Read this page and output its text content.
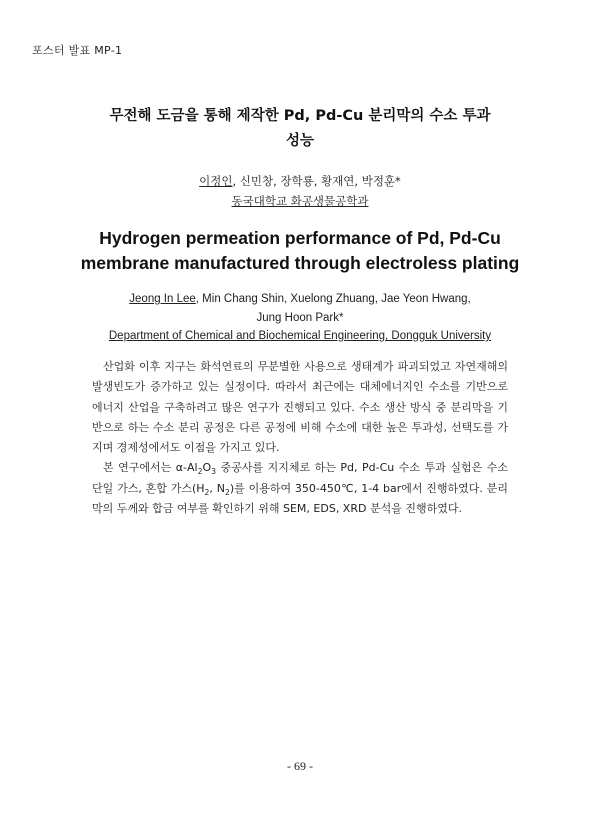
포스터 발표 MP-1
무전해 도금을 통해 제작한 Pd, Pd-Cu 분리막의 수소 투과
성능
이정인, 신민창, 장학룡, 황재연, 박정훈*
동국대학교 화공생물공학과
Hydrogen permeation performance of Pd, Pd-Cu
membrane manufactured through electroless plating
Jeong In Lee, Min Chang Shin, Xuelong Zhuang, Jae Yeon Hwang,
Jung Hoon Park*
Department of Chemical and Biochemical Engineering, Dongguk University

산업화 이후 지구는 화석연료의 무분별한 사용으로 생태계가 파괴되었고 자연재해의 발생빈도가 증가하고 있는 실정이다. 따라서 최근에는 대체에너지인 수소를 기반으로 에너지 산업을 구축하려고 많은 연구가 진행되고 있다. 수소 생산 방식 중 분리막을 기반으로 하는 수소 분리 공정은 다른 공정에 비해 수소에 대한 높은 투과성, 선택도를 가지며 경제성에서도 이점을 가지고 있다.

본 연구에서는 $\alpha-Al_2O_3$ 중공사를 지지체로 하는 Pd, Pd-Cu 수소 투과 실험은 수소 단일 가스, 혼합 가스($H_2$, $N_2$)를 이용하여 350-450℃, 1-4 bar에서 진행하였다. 분리막의 두께와 합금 여부를 확인하기 위해 SEM, EDS, XRD 분석을 진행하였다.

- 69 -
